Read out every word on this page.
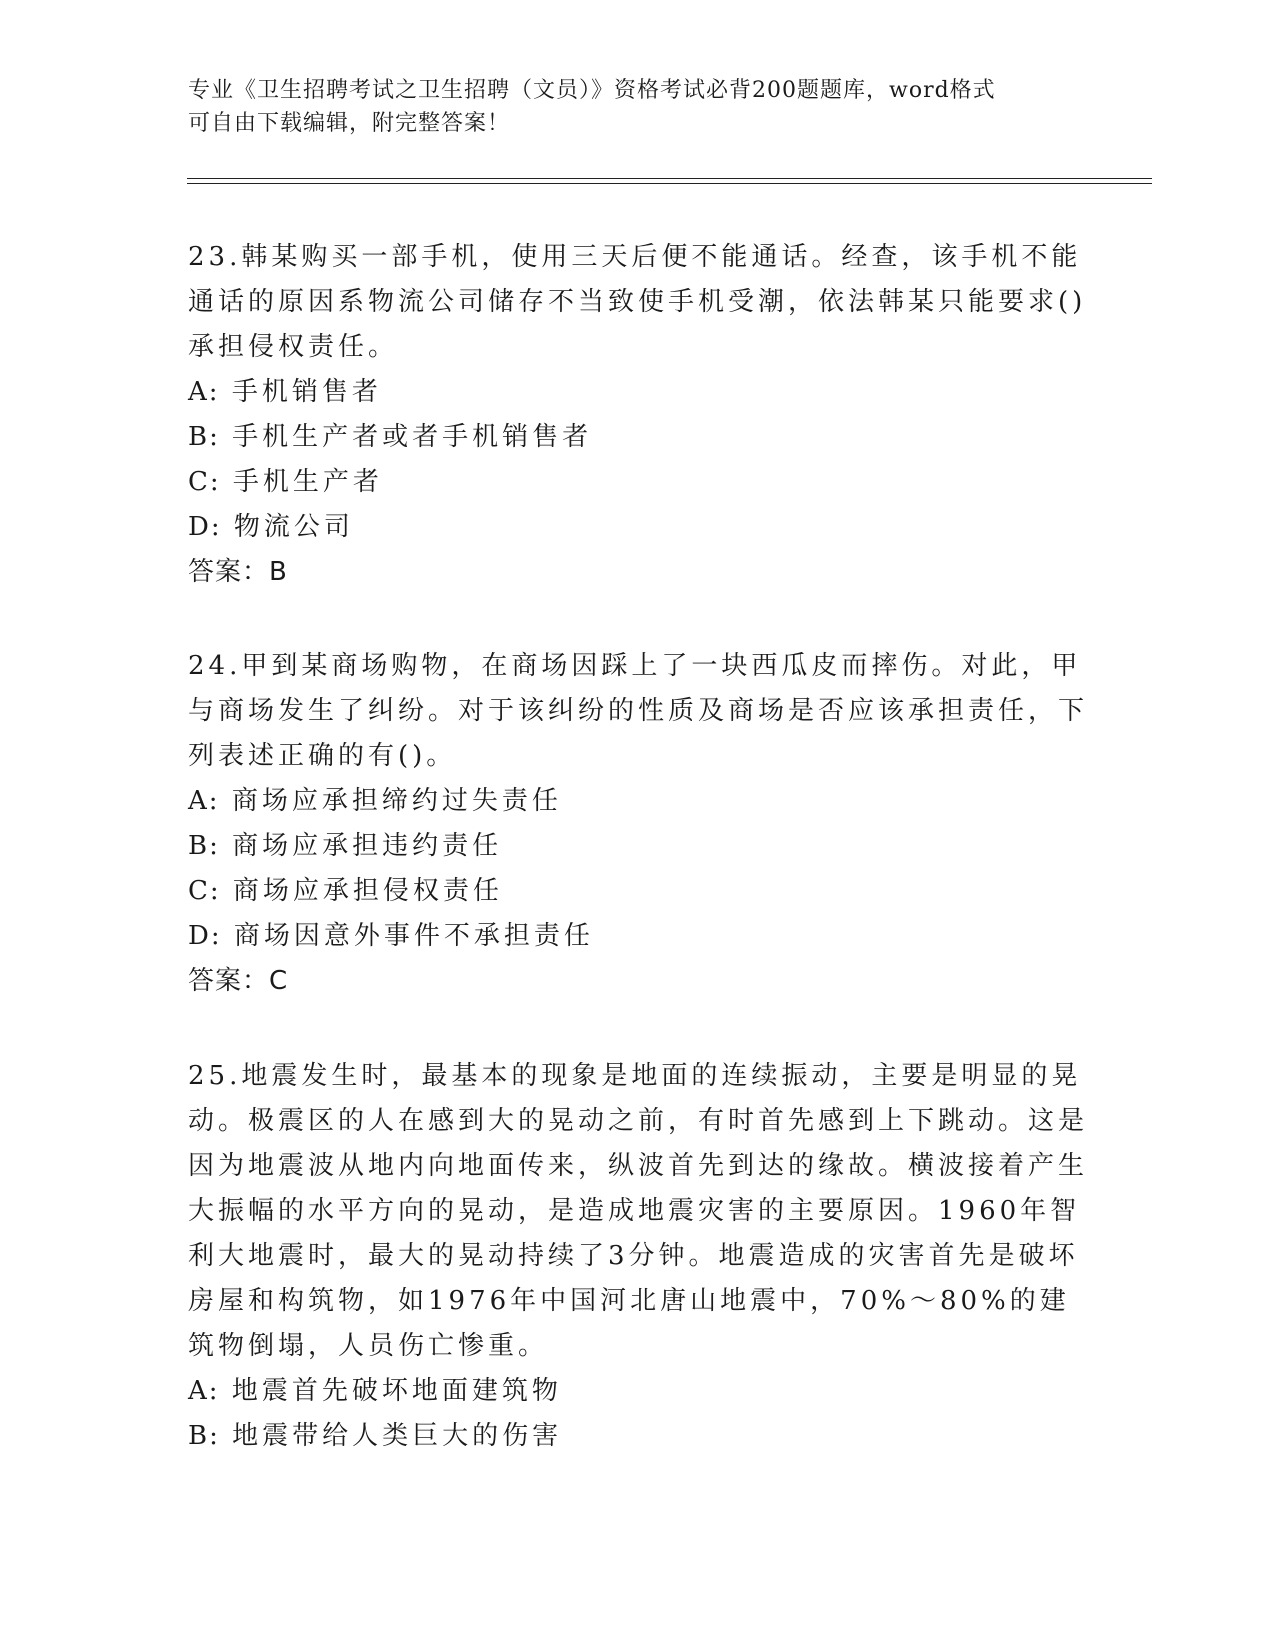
专业《卫生招聘考试之卫生招聘（文员）》资格考试必背200题题库，word格式
可自由下载编辑，附完整答案！

23.韩某购买一部手机，使用三天后便不能通话。经查，该手机不能通话的原因系物流公司储存不当致使手机受潮，依法韩某只能要求()承担侵权责任。

A: 手机销售者

B: 手机生产者或者手机销售者

C: 手机生产者

D: 物流公司

答案：B

24.甲到某商场购物，在商场因踩上了一块西瓜皮而摔伤。对此，甲与商场发生了纠纷。对于该纠纷的性质及商场是否应该承担责任，下列表述正确的有()。

A: 商场应承担缔约过失责任

B: 商场应承担违约责任

C: 商场应承担侵权责任

D: 商场因意外事件不承担责任

答案：C

25.地震发生时，最基本的现象是地面的连续振动，主要是明显的晃动。极震区的人在感到大的晃动之前，有时首先感到上下跳动。这是因为地震波从地内向地面传来，纵波首先到达的缘故。横波接着产生大振幅的水平方向的晃动，是造成地震灾害的主要原因。1960年智利大地震时，最大的晃动持续了3分钟。地震造成的灾害首先是破坏房屋和构筑物，如1976年中国河北唐山地震中，70%～80%的建筑物倒塌，人员伤亡惨重。

A: 地震首先破坏地面建筑物

B: 地震带给人类巨大的伤害
